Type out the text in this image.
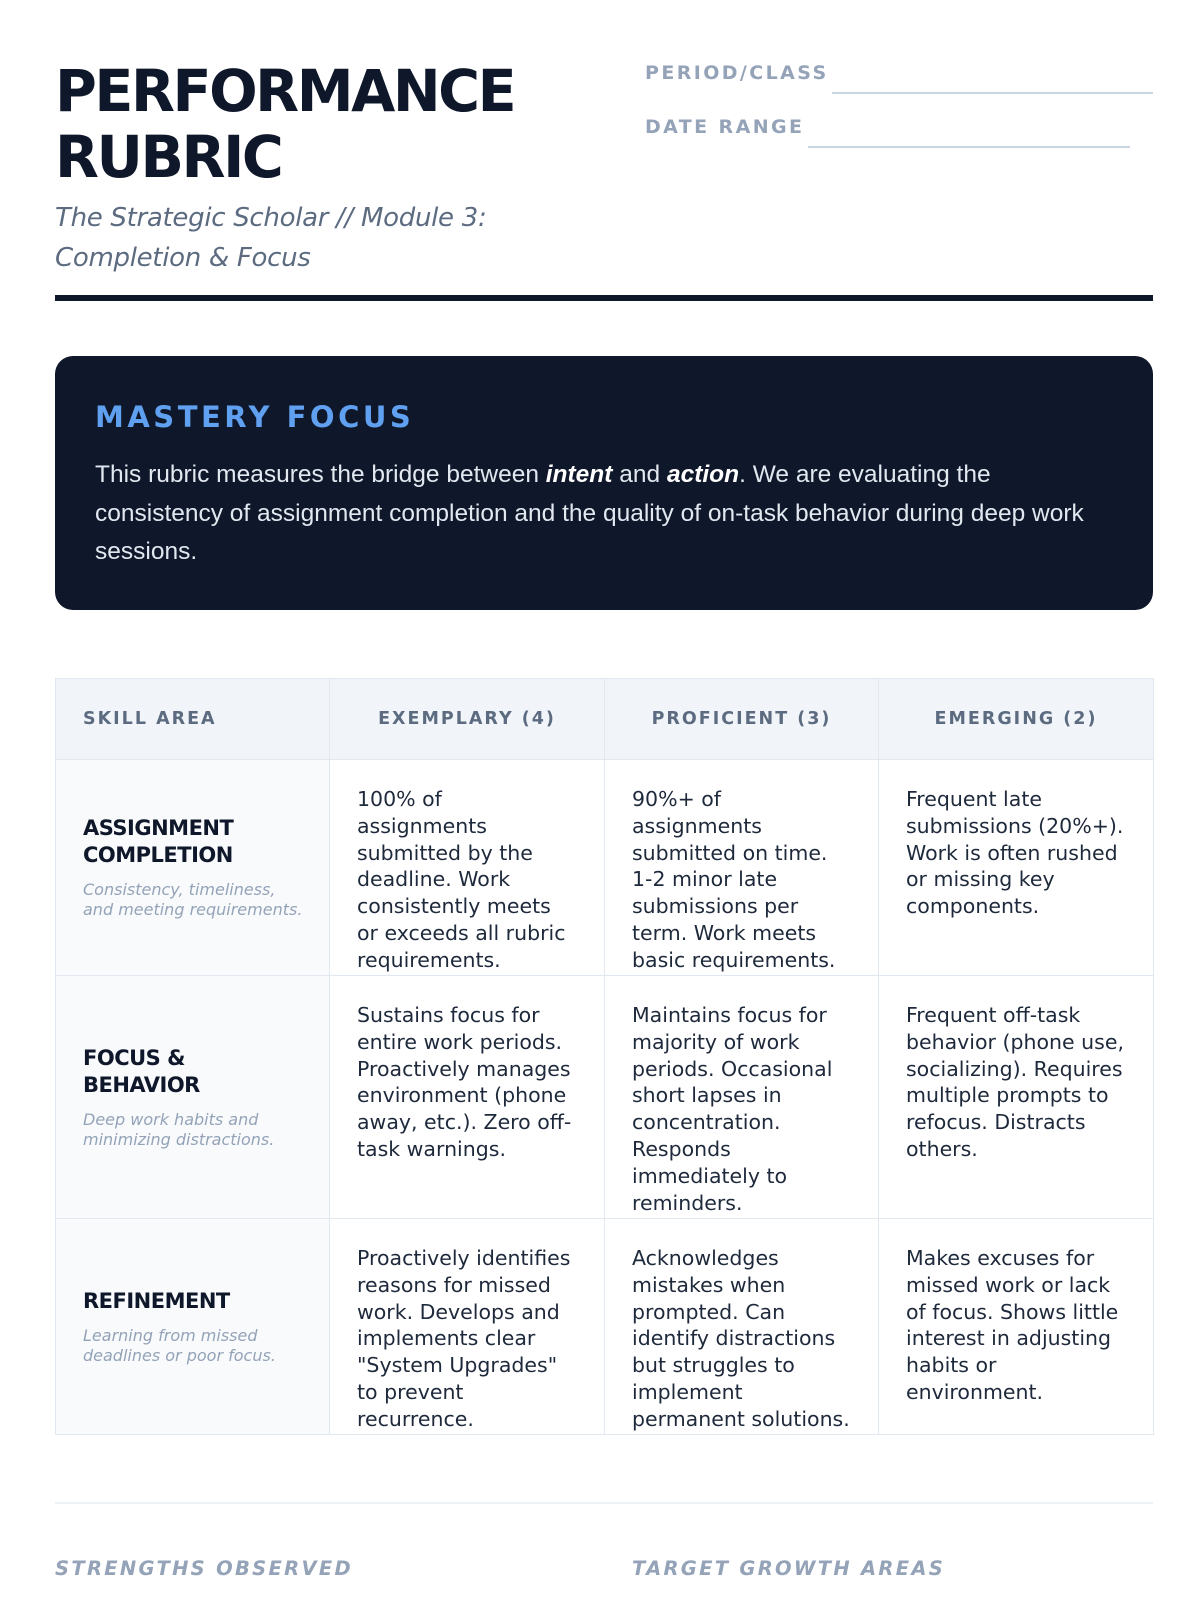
PERFORMANCE
RUBRIC
The Strategic Scholar // Module 3: Completion & Focus
PERIOD/CLASS
DATE RANGE
MASTERY FOCUS

This rubric measures the bridge between intent and action. We are evaluating the consistency of assignment completion and the quality of on-task behavior during deep work sessions.

SKILL AREA	EXEMPLARY (4)	PROFICIENT (3)	EMERGING (2)

ASSIGNMENT COMPLETION
Consistency, timeliness, and meeting requirements.	100% of assignments submitted by the deadline. Work consistently meets or exceeds all rubric requirements.	90%+ of assignments submitted on time. 1-2 minor late submissions per term. Work meets basic requirements.	Frequent late submissions (20%+). Work is often rushed or missing key components.

FOCUS & BEHAVIOR
Deep work habits and minimizing distractions.	Sustains focus for entire work periods. Proactively manages environment (phone away, etc.). Zero off-task warnings.	Maintains focus for majority of work periods. Occasional short lapses in concentration. Responds immediately to reminders.	Frequent off-task behavior (phone use, socializing). Requires multiple prompts to refocus. Distracts others.

REFINEMENT
Learning from missed deadlines or poor focus.	Proactively identifies reasons for missed work. Develops and implements clear "System Upgrades" to prevent recurrence.	Acknowledges mistakes when prompted. Can identify distractions but struggles to implement permanent solutions.	Makes excuses for missed work or lack of focus. Shows little interest in adjusting habits or environment.
STRENGTHS OBSERVED	TARGET GROWTH AREAS
